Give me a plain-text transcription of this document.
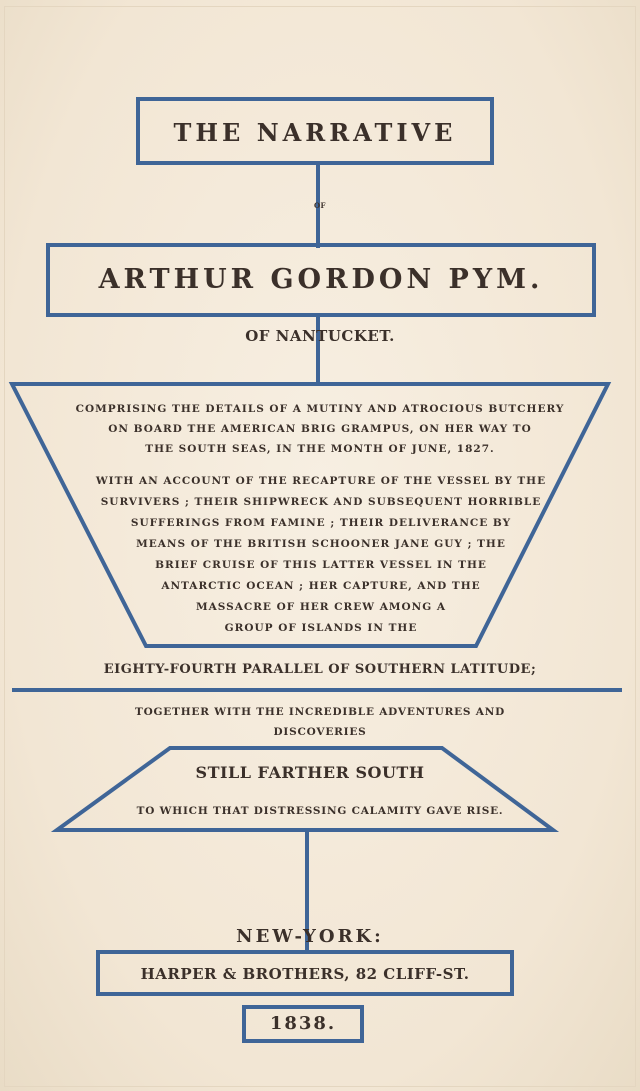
THE NARRATIVE
OF
ARTHUR GORDON PYM.
OF NANTUCKET.
COMPRISING THE DETAILS OF A MUTINY AND ATROCIOUS BUTCHERY
ON BOARD THE AMERICAN BRIG GRAMPUS, ON HER WAY TO
THE SOUTH SEAS, IN THE MONTH OF JUNE, 1827.
WITH AN ACCOUNT OF THE RECAPTURE OF THE VESSEL BY THE
SURVIVERS ; THEIR SHIPWRECK AND SUBSEQUENT HORRIBLE
SUFFERINGS FROM FAMINE ; THEIR DELIVERANCE BY
MEANS OF THE BRITISH SCHOONER JANE GUY ; THE
BRIEF CRUISE OF THIS LATTER VESSEL IN THE
ANTARCTIC OCEAN ; HER CAPTURE, AND THE
MASSACRE OF HER CREW AMONG A
GROUP OF ISLANDS IN THE
EIGHTY-FOURTH PARALLEL OF SOUTHERN LATITUDE;
TOGETHER WITH THE INCREDIBLE ADVENTURES AND
DISCOVERIES
STILL FARTHER SOUTH
TO WHICH THAT DISTRESSING CALAMITY GAVE RISE.
NEW-YORK:
HARPER & BROTHERS, 82 CLIFF-ST.
1838.
